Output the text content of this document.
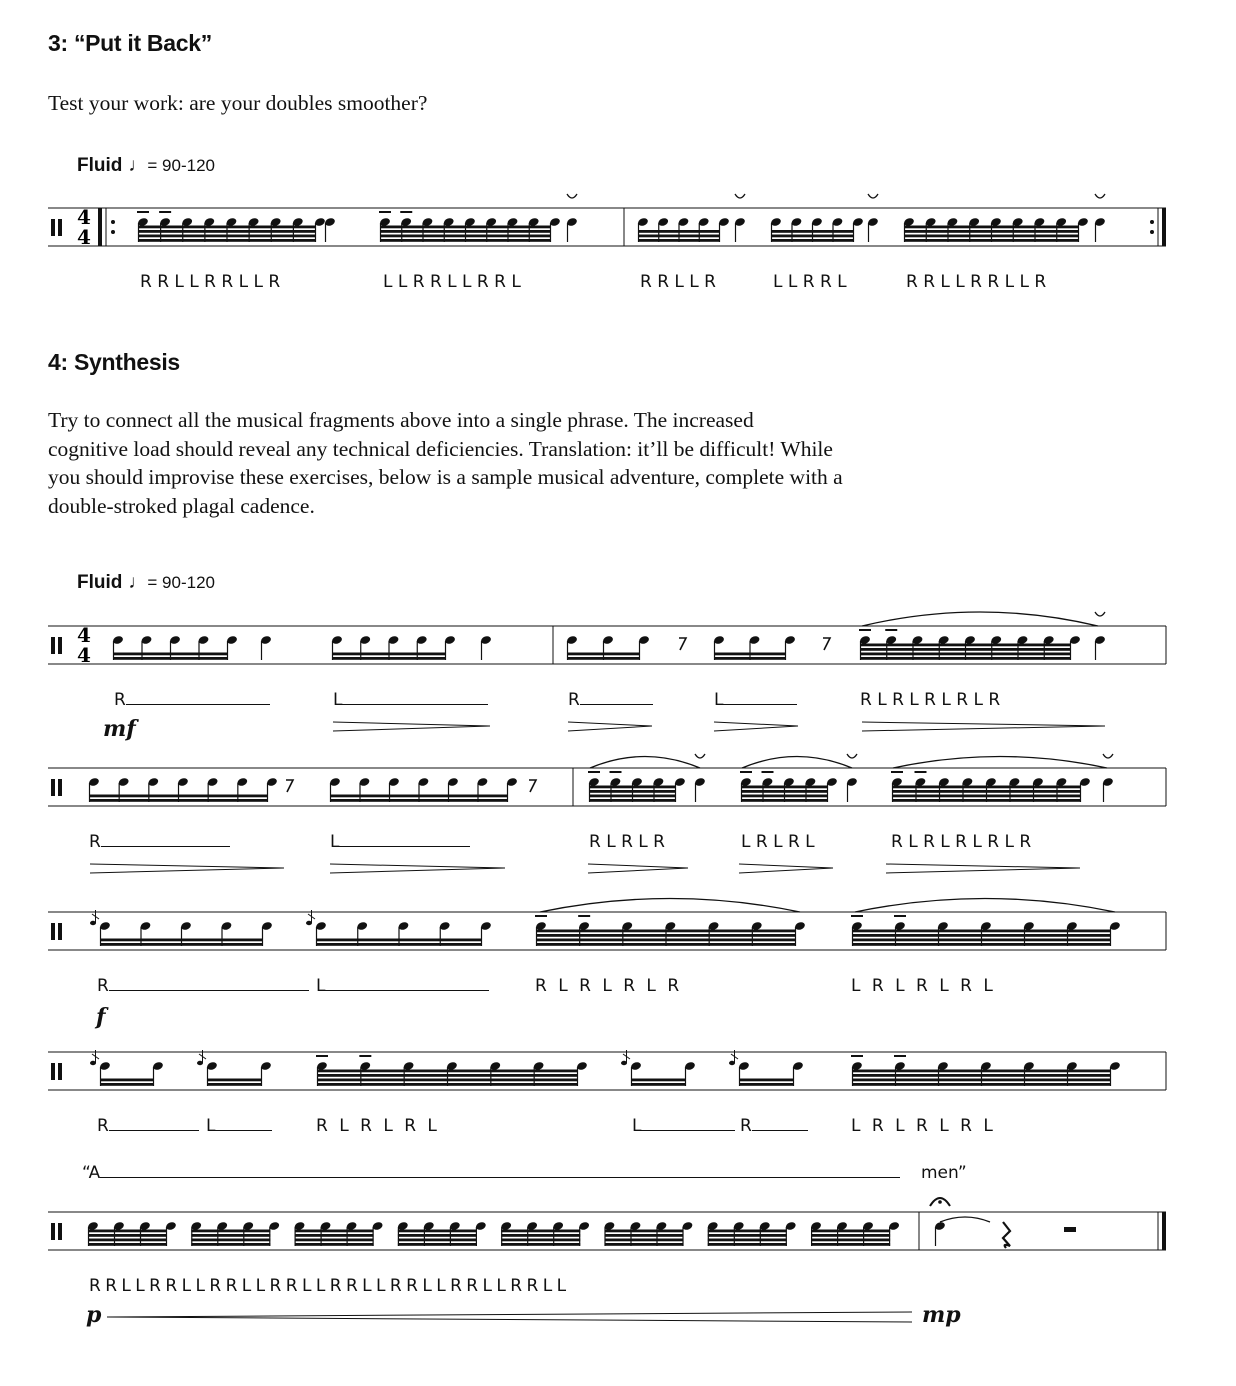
3: “Put it Back”

Test your work: are your doubles smoother?

Fluid ♩= 90-120
4
4
R R L L R R L L R	L L R R L L R R L	R R L L R	L L R R L	R R L L R R L L R
4: Synthesis

Try to connect all the musical fragments above into a single phrase. The increased
cognitive load should reveal any technical deficiencies. Translation: it’ll be difficult! While
you should improvise these exercises, below is a sample musical adventure, complete with a
double-stroked plagal cadence.

Fluid ♩= 90-120
4
4
R	L	R	L	R L R L R L R L R
mf
R	L	R L R L R	L R L R L	R L R L R L R L R
R	L	R   L   R   L   R   L   R	L   R   L   R   L   R   L
f
R	L	R   L   R   L   R   L	L	R	L   R   L   R   L   R   L
“A	men”
R R L L R R L L R R L L R R L L R R L L R R L L R R L L R R L L
p	mp
